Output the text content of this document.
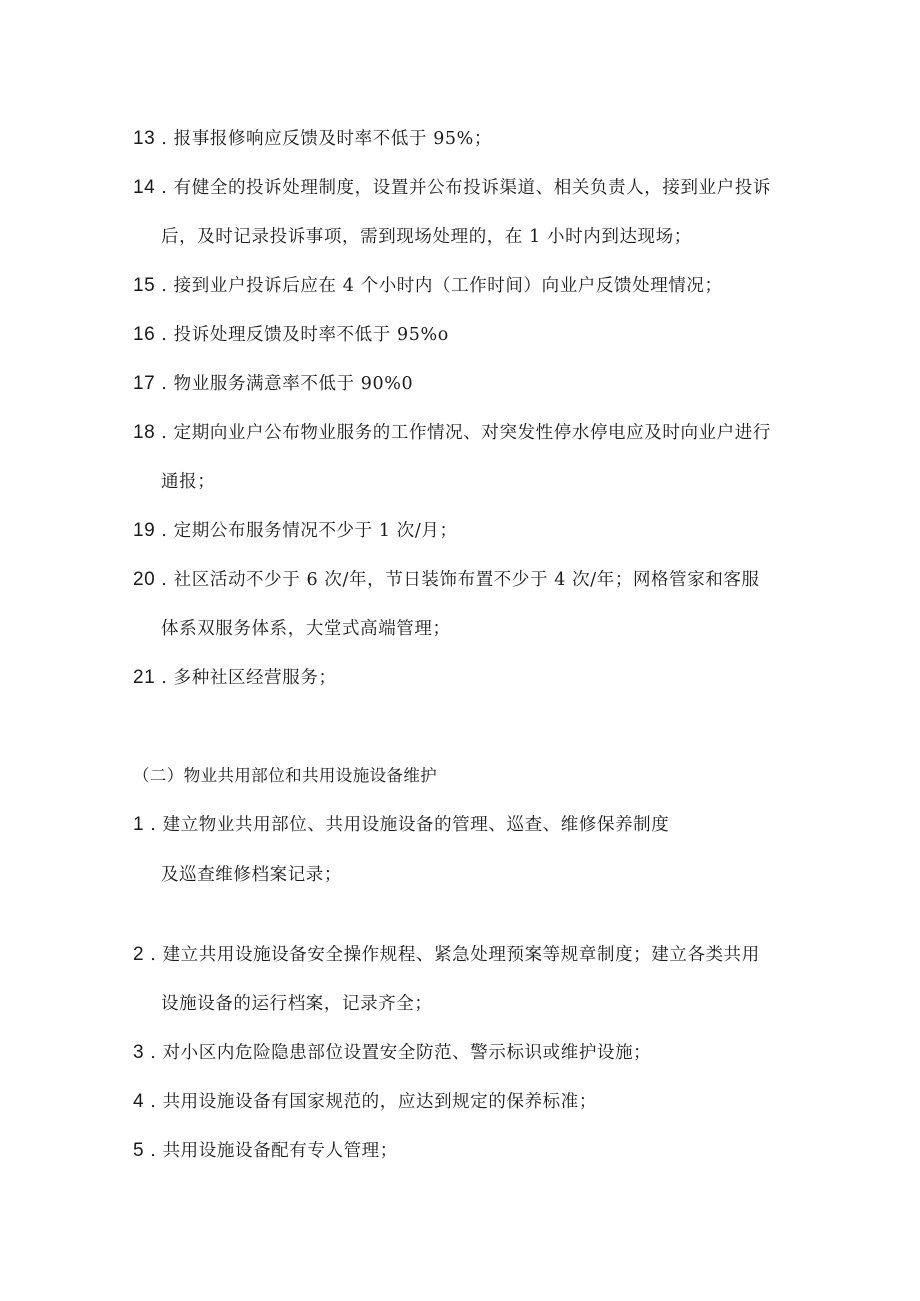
13 . 报事报修响应反馈及时率不低于 95%；
14 . 有健全的投诉处理制度，设置并公布投诉渠道、相关负责人，接到业户投诉
后，及时记录投诉事项，需到现场处理的，在 1 小时内到达现场；
15 . 接到业户投诉后应在 4 个小时内（工作时间）向业户反馈处理情况；
16 . 投诉处理反馈及时率不低于 95%o
17 . 物业服务满意率不低于 90%0
18 . 定期向业户公布物业服务的工作情况、对突发性停水停电应及时向业户进行
通报；
19 . 定期公布服务情况不少于 1 次/月；
20 . 社区活动不少于 6 次/年，节日装饰布置不少于 4 次/年；网格管家和客服
体系双服务体系，大堂式高端管理；
21 . 多种社区经营服务；
（二）物业共用部位和共用设施设备维护
1 . 建立物业共用部位、共用设施设备的管理、巡查、维修保养制度
及巡查维修档案记录；
2 . 建立共用设施设备安全操作规程、紧急处理预案等规章制度；建立各类共用
设施设备的运行档案，记录齐全；
3 . 对小区内危险隐患部位设置安全防范、警示标识或维护设施；
4 . 共用设施设备有国家规范的，应达到规定的保养标准；
5 . 共用设施设备配有专人管理；
